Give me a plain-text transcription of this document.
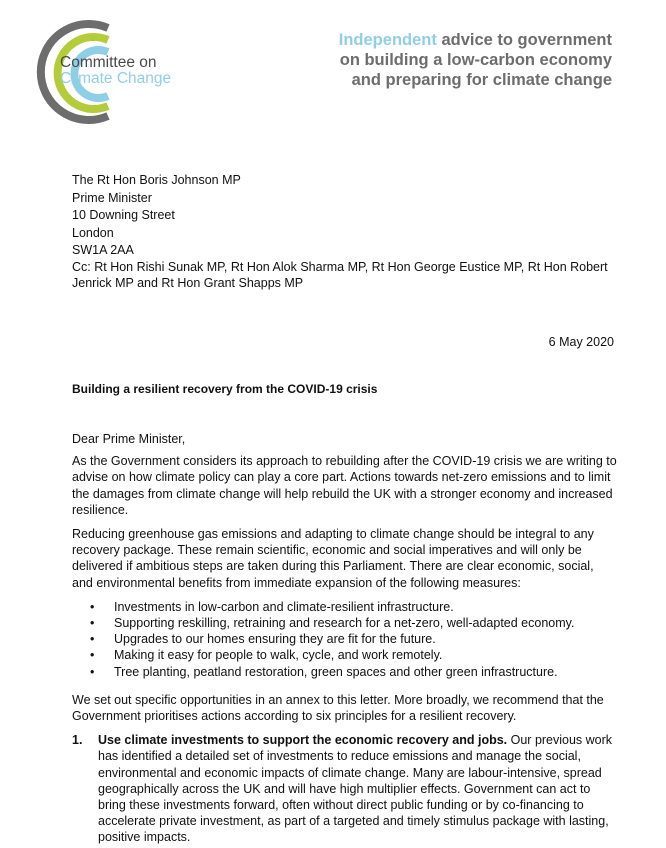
Committee on
Climate Change
Independent advice to government
on building a low-carbon economy
and preparing for climate change
The Rt Hon Boris Johnson MP
Prime Minister
10 Downing Street
London
SW1A 2AA
Cc: Rt Hon Rishi Sunak MP, Rt Hon Alok Sharma MP, Rt Hon George Eustice MP, Rt Hon Robert Jenrick MP and Rt Hon Grant Shapps MP
6 May 2020
Building a resilient recovery from the COVID-19 crisis

Dear Prime Minister,

As the Government considers its approach to rebuilding after the COVID-19 crisis we are writing to advise on how climate policy can play a core part. Actions towards net-zero emissions and to limit the damages from climate change will help rebuild the UK with a stronger economy and increased resilience.

Reducing greenhouse gas emissions and adapting to climate change should be integral to any recovery package. These remain scientific, economic and social imperatives and will only be delivered if ambitious steps are taken during this Parliament. There are clear economic, social, and environmental benefits from immediate expansion of the following measures:

• Investments in low-carbon and climate-resilient infrastructure.
• Supporting reskilling, retraining and research for a net-zero, well-adapted economy.
• Upgrades to our homes ensuring they are fit for the future.
• Making it easy for people to walk, cycle, and work remotely.
• Tree planting, peatland restoration, green spaces and other green infrastructure.

We set out specific opportunities in an annex to this letter. More broadly, we recommend that the Government prioritises actions according to six principles for a resilient recovery.

1. Use climate investments to support the economic recovery and jobs. Our previous work has identified a detailed set of investments to reduce emissions and manage the social, environmental and economic impacts of climate change. Many are labour-intensive, spread geographically across the UK and will have high multiplier effects. Government can act to bring these investments forward, often without direct public funding or by co-financing to accelerate private investment, as part of a targeted and timely stimulus package with lasting, positive impacts.
